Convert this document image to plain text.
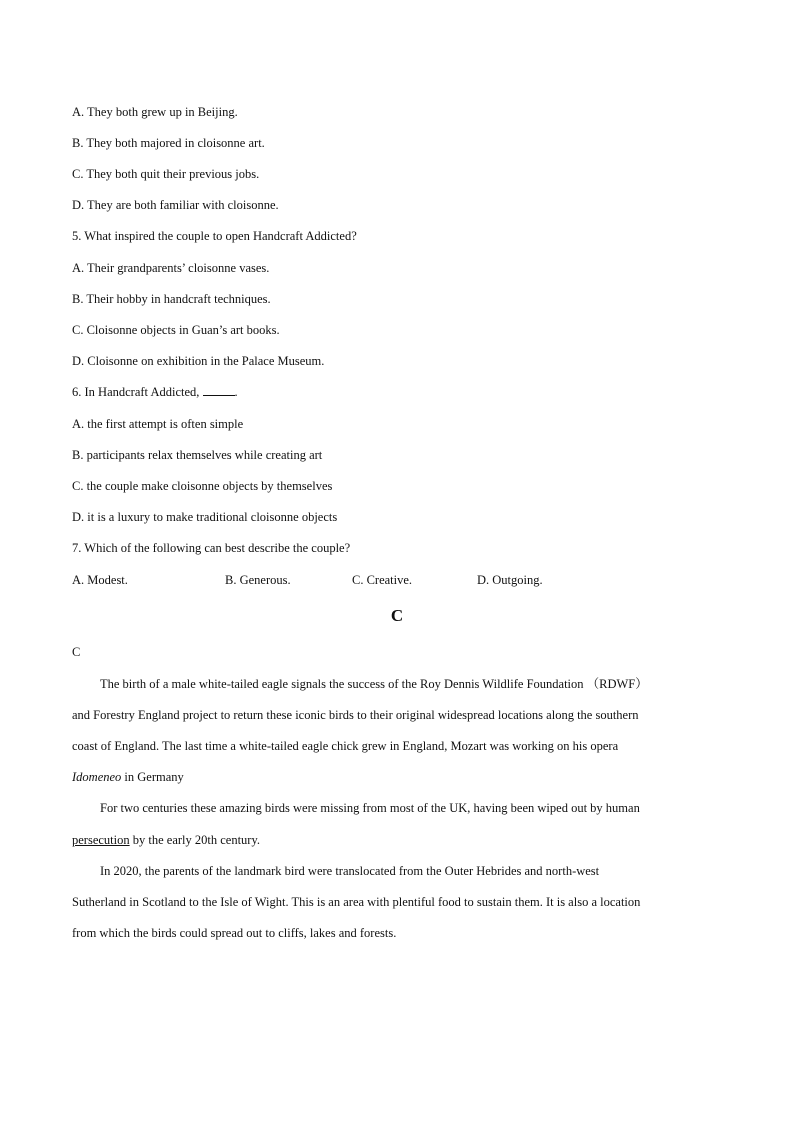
A. They both grew up in Beijing.
B. They both majored in cloisonne art.
C. They both quit their previous jobs.
D. They are both familiar with cloisonne.
5. What inspired the couple to open Handcraft Addicted?
A. Their grandparents’ cloisonne vases.
B. Their hobby in handcraft techniques.
C. Cloisonne objects in Guan’s art books.
D. Cloisonne on exhibition in the Palace Museum.
6. In Handcraft Addicted,	.
A. the first attempt is often simple
B. participants relax themselves while creating art
C. the couple make cloisonne objects by themselves
D. it is a luxury to make traditional cloisonne objects
7. Which of the following can best describe the couple?
A. Modest.	B. Generous.	C. Creative.	D. Outgoing.
C
C
The birth of a male white-tailed eagle signals the success of the Roy Dennis Wildlife Foundation （RDWF）
and Forestry England project to return these iconic birds to their original widespread locations along the southern
coast of England. The last time a white-tailed eagle chick grew in England, Mozart was working on his opera
Idomeneo in Germany
For two centuries these amazing birds were missing from most of the UK, having been wiped out by human
persecution by the early 20th century.
In 2020, the parents of the landmark bird were translocated from the Outer Hebrides and north-west
Sutherland in Scotland to the Isle of Wight. This is an area with plentiful food to sustain them. It is also a location
from which the birds could spread out to cliffs, lakes and forests.
